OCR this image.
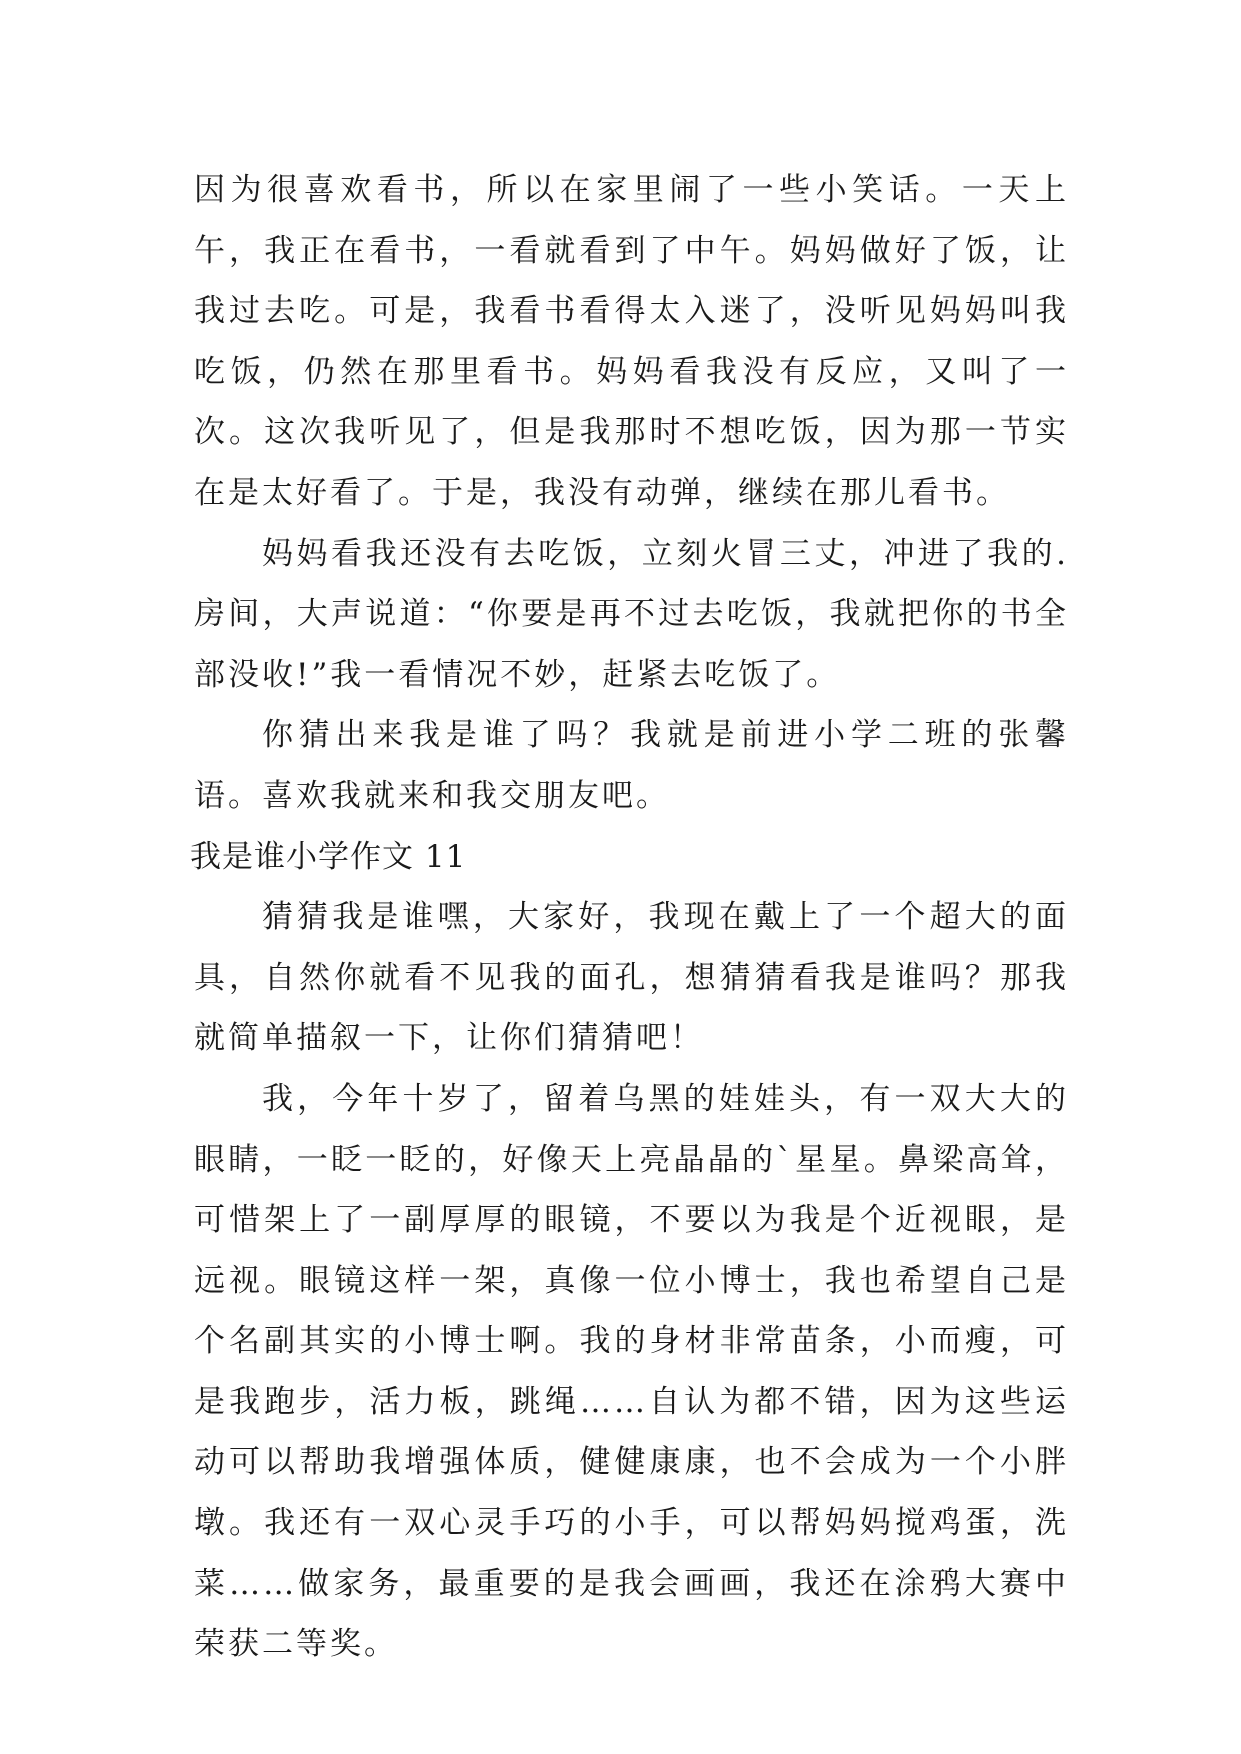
因为很喜欢看书，所以在家里闹了一些小笑话。一天上午，我正在看书，一看就看到了中午。妈妈做好了饭，让我过去吃。可是，我看书看得太入迷了，没听见妈妈叫我吃饭，仍然在那里看书。妈妈看我没有反应，又叫了一次。这次我听见了，但是我那时不想吃饭，因为那一节实在是太好看了。于是，我没有动弹，继续在那儿看书。

妈妈看我还没有去吃饭，立刻火冒三丈，冲进了我的.房间，大声说道：“你要是再不过去吃饭，我就把你的书全部没收!”我一看情况不妙，赶紧去吃饭了。

你猜出来我是谁了吗？我就是前进小学二班的张馨语。喜欢我就来和我交朋友吧。

我是谁小学作文 11

猜猜我是谁嘿，大家好，我现在戴上了一个超大的面具，自然你就看不见我的面孔，想猜猜看我是谁吗？那我就简单描叙一下，让你们猜猜吧！

我，今年十岁了，留着乌黑的娃娃头，有一双大大的眼睛，一眨一眨的，好像天上亮晶晶的`星星。鼻梁高耸，可惜架上了一副厚厚的眼镜，不要以为我是个近视眼，是远视。眼镜这样一架，真像一位小博士，我也希望自己是个名副其实的小博士啊。我的身材非常苗条，小而瘦，可是我跑步，活力板，跳绳……自认为都不错，因为这些运动可以帮助我增强体质，健健康康，也不会成为一个小胖墩。我还有一双心灵手巧的小手，可以帮妈妈搅鸡蛋，洗菜……做家务，最重要的是我会画画，我还在涂鸦大赛中荣获二等奖。
